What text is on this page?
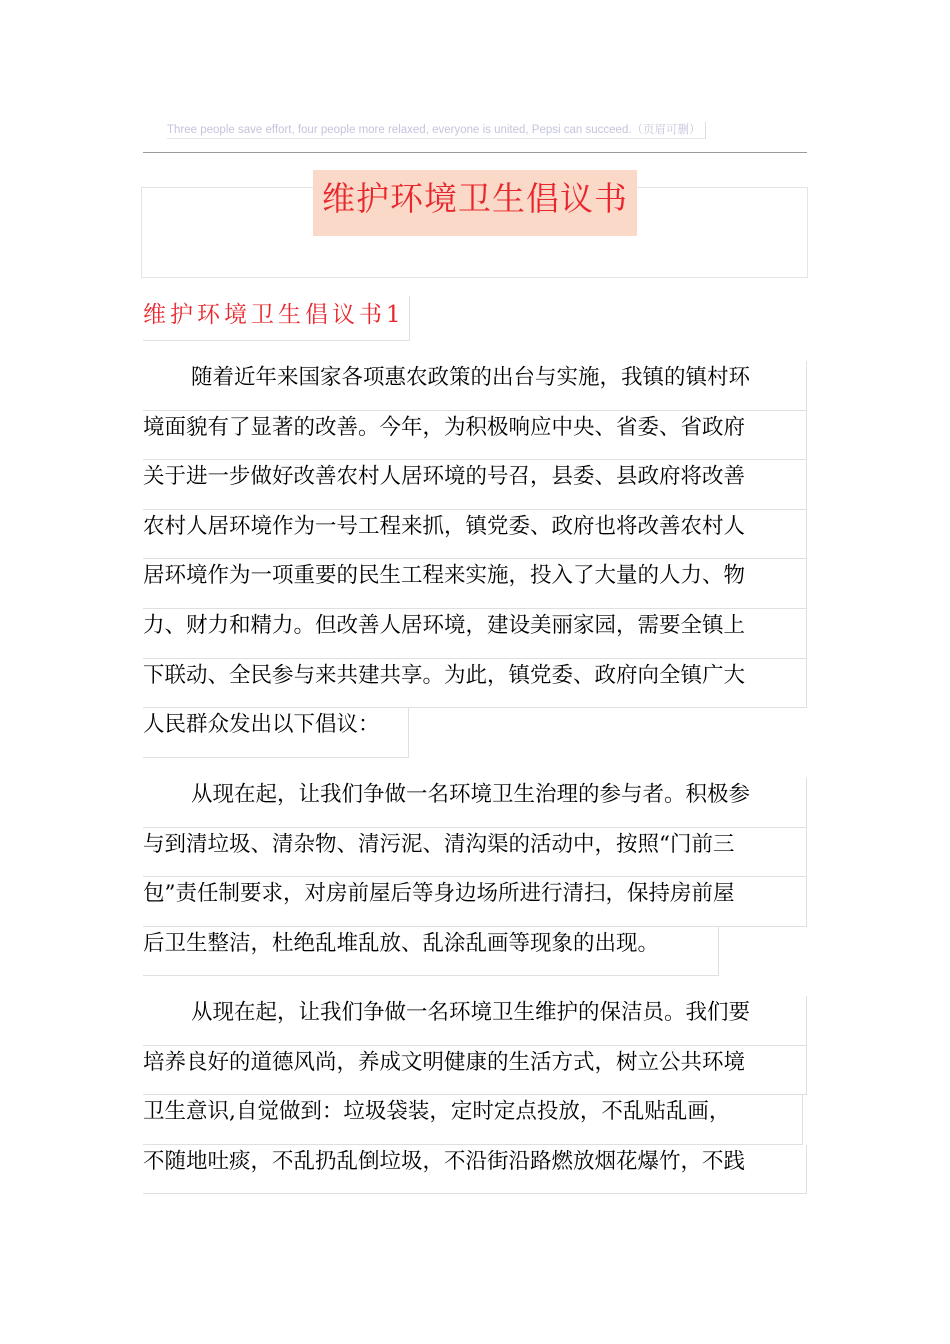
Three people save effort, four people more relaxed, everyone is united, Pepsi can succeed.（页眉可删）
维护环境卫生倡议书
维护环境卫生倡议书1
随着近年来国家各项惠农政策的出台与实施，我镇的镇村环
境面貌有了显著的改善。今年，为积极响应中央、省委、省政府
关于进一步做好改善农村人居环境的号召，县委、县政府将改善
农村人居环境作为一号工程来抓，镇党委、政府也将改善农村人
居环境作为一项重要的民生工程来实施，投入了大量的人力、物
力、财力和精力。但改善人居环境，建设美丽家园，需要全镇上
下联动、全民参与来共建共享。为此，镇党委、政府向全镇广大
人民群众发出以下倡议：
从现在起，让我们争做一名环境卫生治理的参与者。积极参
与到清垃圾、清杂物、清污泥、清沟渠的活动中，按照“门前三
包”责任制要求，对房前屋后等身边场所进行清扫，保持房前屋
后卫生整洁，杜绝乱堆乱放、乱涂乱画等现象的出现。
从现在起，让我们争做一名环境卫生维护的保洁员。我们要
培养良好的道德风尚，养成文明健康的生活方式，树立公共环境
卫生意识,自觉做到：垃圾袋装，定时定点投放，不乱贴乱画，
不随地吐痰，不乱扔乱倒垃圾，不沿街沿路燃放烟花爆竹，不践
